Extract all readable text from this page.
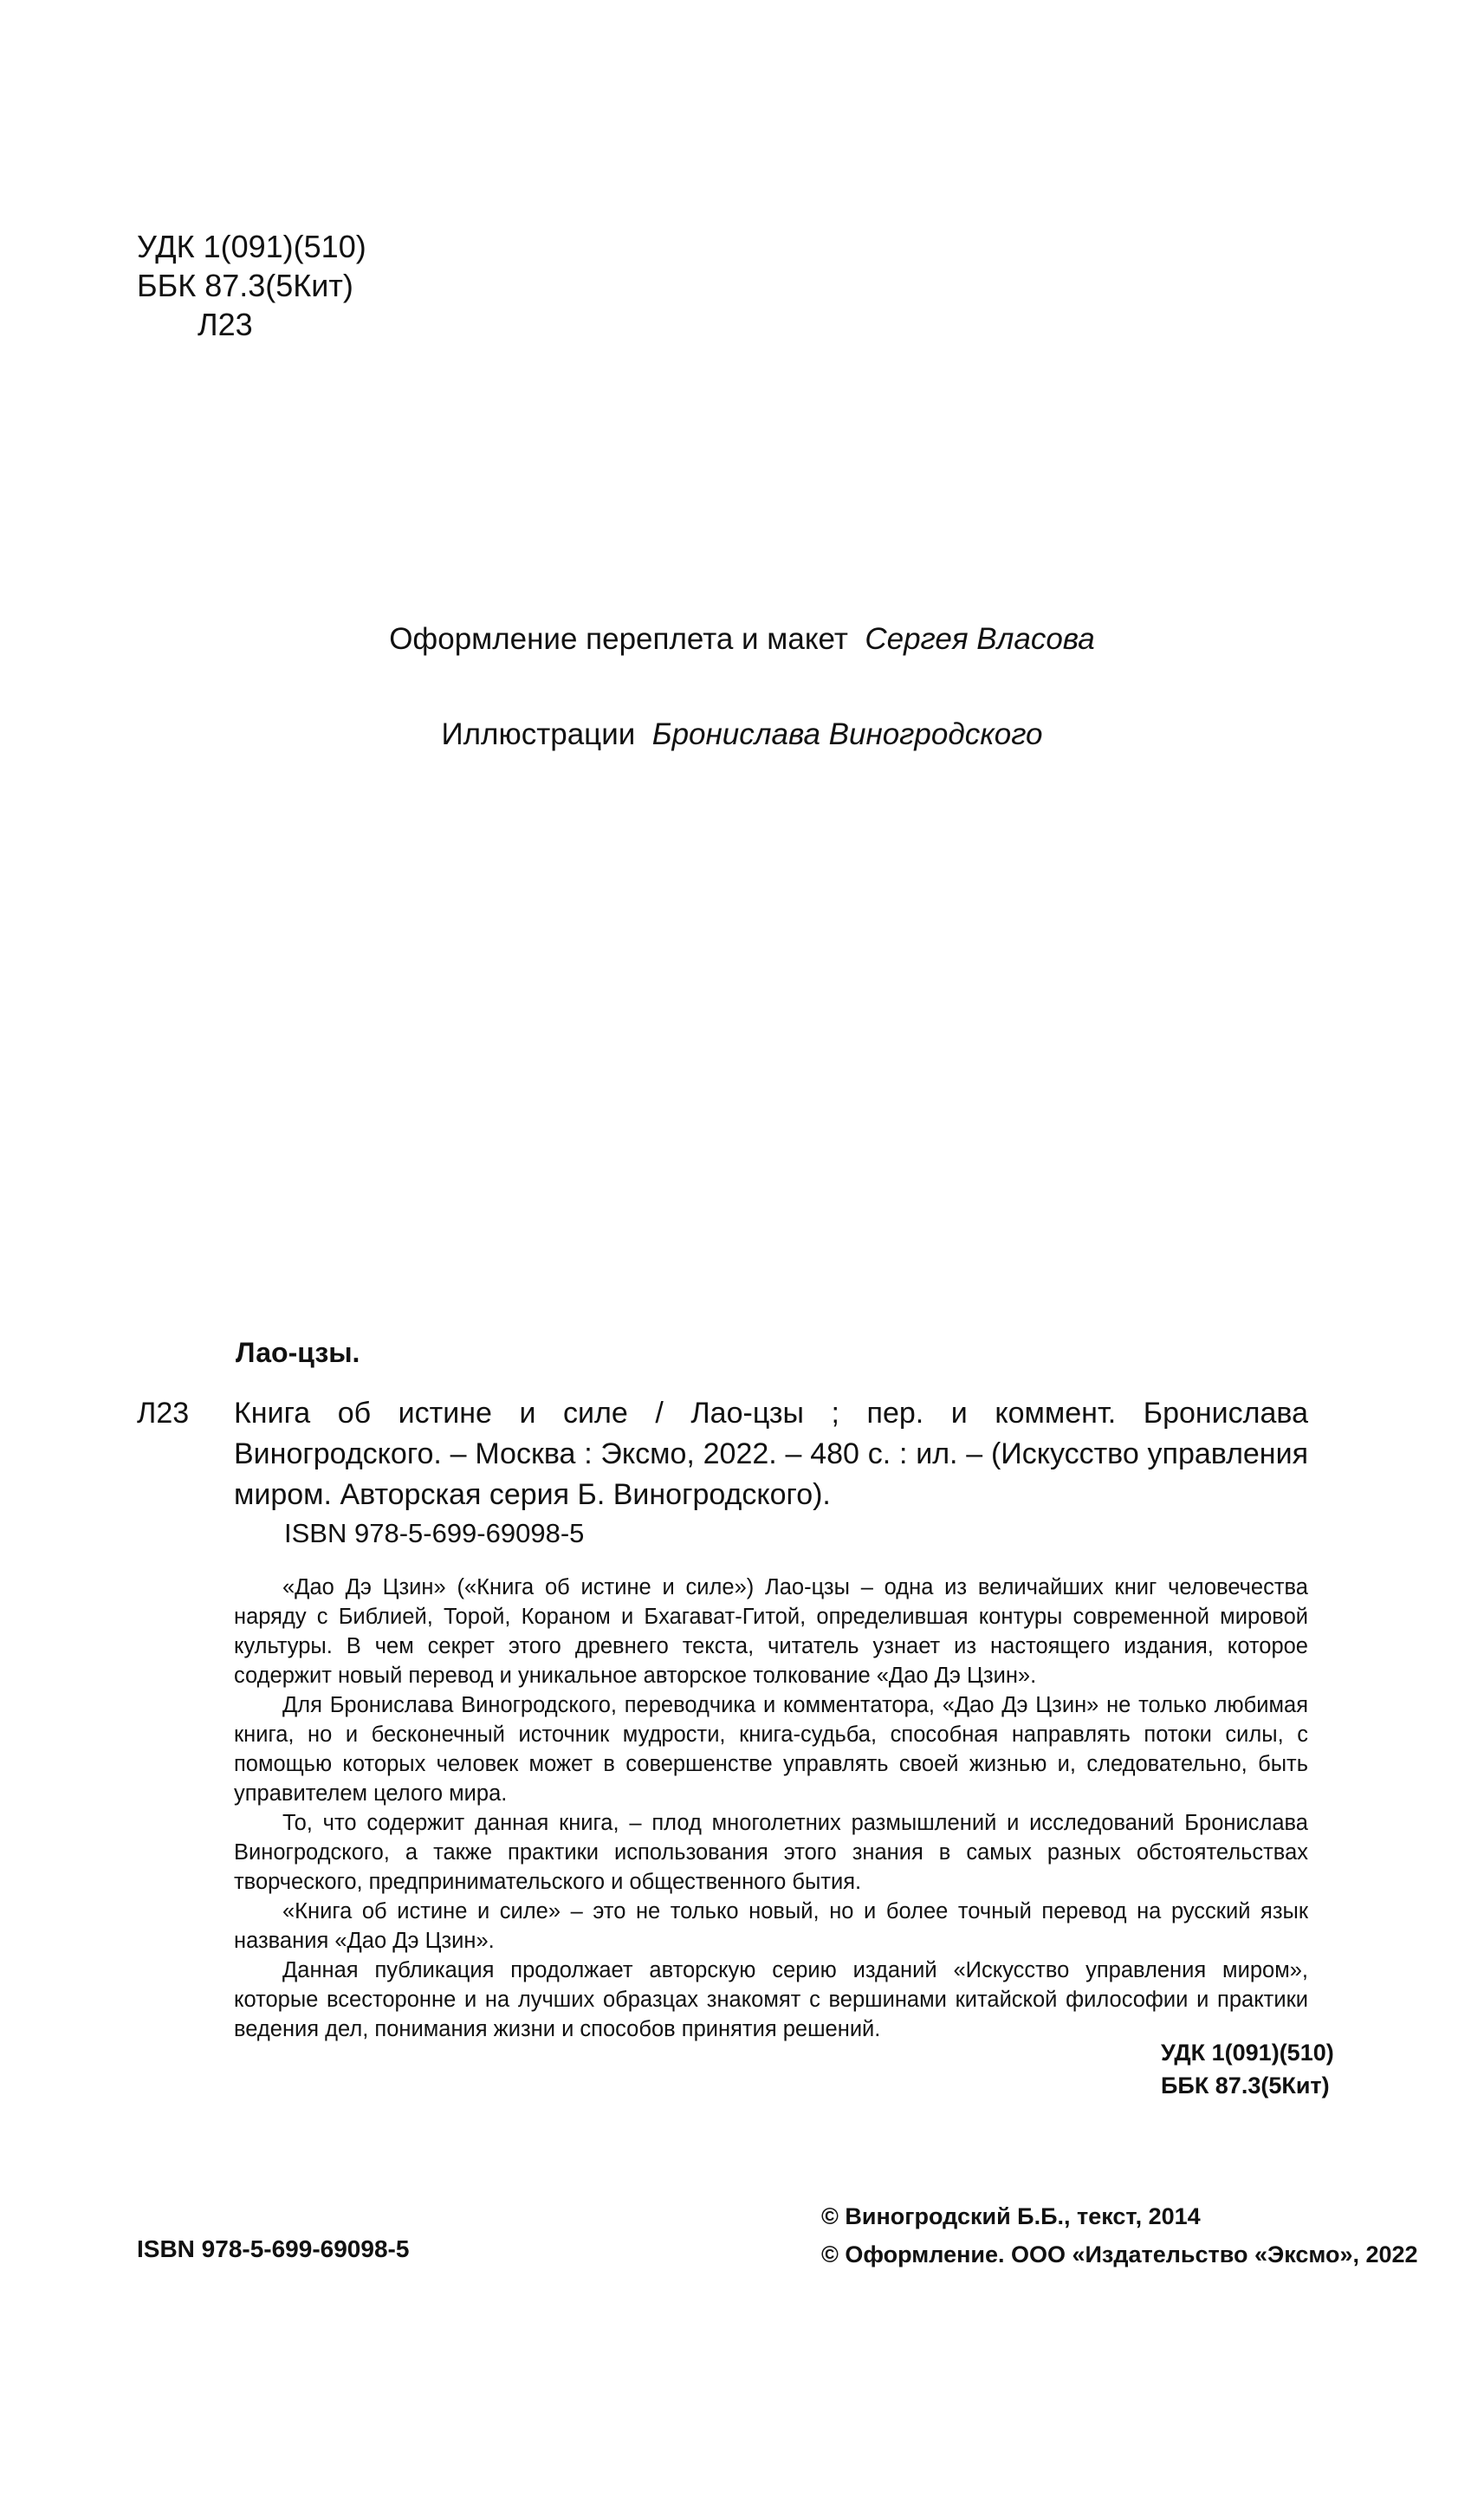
УДК 1(091)(510)
ББК 87.3(5Кит)
Л23
Оформление переплета и макет Сергея Власова
Иллюстрации Бронислава Виногродского
Лао-цзы.
Л23 Книга об истине и силе / Лао-цзы ; пер. и коммент. Бронислава Виногродского. – Москва : Эксмо, 2022. – 480 с. : ил. – (Искусство управления миром. Авторская серия Б. Виногродского).
ISBN 978-5-699-69098-5

«Дао Дэ Цзин» («Книга об истине и силе») Лао-цзы – одна из величайших книг человечества наряду с Библией, Торой, Кораном и Бхагават-Гитой, определившая контуры современной мировой культуры. В чем секрет этого древнего текста, читатель узнает из настоящего издания, которое содержит новый перевод и уникальное авторское толкование «Дао Дэ Цзин».

Для Бронислава Виногродского, переводчика и комментатора, «Дао Дэ Цзин» не только любимая книга, но и бесконечный источник мудрости, книга-судьба, способная направлять потоки силы, с помощью которых человек может в совершенстве управлять своей жизнью и, следовательно, быть управителем целого мира.

То, что содержит данная книга, – плод многолетних размышлений и исследований Бронислава Виногродского, а также практики использования этого знания в самых разных обстоятельствах творческого, предпринимательского и общественного бытия.

«Книга об истине и силе» – это не только новый, но и более точный перевод на русский язык названия «Дао Дэ Цзин».

Данная публикация продолжает авторскую серию изданий «Искусство управления миром», которые всесторонне и на лучших образцах знакомят с вершинами китайской философии и практики ведения дел, понимания жизни и способов принятия решений.

УДК 1(091)(510)
ББК 87.3(5Кит)
ISBN 978-5-699-69098-5
© Виногродский Б.Б., текст, 2014
© Оформление. ООО «Издательство «Эксмо», 2022
